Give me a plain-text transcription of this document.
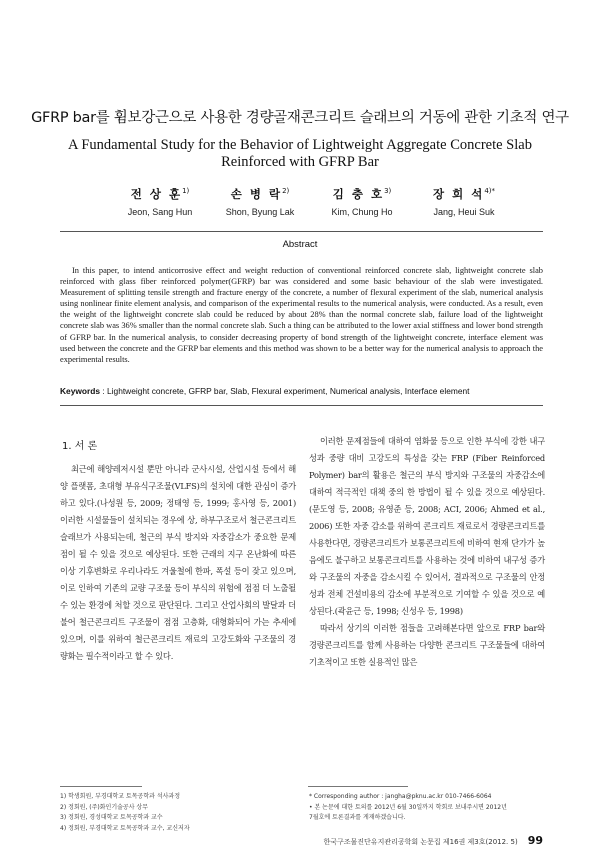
GFRP bar를 휨보강근으로 사용한 경량골재콘크리트 슬래브의 거동에 관한 기초적 연구
A Fundamental Study for the Behavior of Lightweight Aggregate Concrete Slab
Reinforced with GFRP Bar
전 상 훈$^{1)}$
Jeon, Sang Hun
손 병 락$^{2)}$
Shon, Byung Lak
김 충 호$^{3)}$
Kim, Chung Ho
장 희 석$^{4)*}$
Jang, Heui Suk
Abstract
In this paper, to intend anticorrosive effect and weight reduction of conventional reinforced concrete slab, lightweight concrete slab reinforced with glass fiber reinforced polymer(GFRP) bar was considered and some basic behaviour of the slab were investigated. Measurement of splitting tensile strength and fracture energy of the concrete, a number of flexural experiment of the slab, numerical analysis using nonlinear finite element analysis, and comparison of the experimental results to the numerical analysis, were conducted. As a result, even the weight of the lightweight concrete slab could be reduced by about 28% than the normal concrete slab, failure load of the lightweight concrete slab was 36% smaller than the normal concrete slab. Such a thing can be attributed to the lower axial stiffness and lower bond strength of GFRP bar. In the numerical analysis, to consider decreasing property of bond strength of the lightweight concrete, interface element was used between the concrete and the GFRP bar elements and this method was shown to be a better way for the numerical analysis to approach the experimental results.
Keywords : Lightweight concrete, GFRP bar, Slab, Flexural experiment, Numerical analysis, Interface element
1. 서 론

최근에 해양레저시설 뿐만 아니라 군사시설, 산업시설 등에서 해양 플랫폼, 초대형 부유식구조물(VLFS)의 설치에 대한 관심이 증가하고 있다.(나성원 등, 2009; 정태영 등, 1999; 홍사영 등, 2001) 이러한 시설물들이 설치되는 경우에 상, 하부구조로서 철근콘크리트 슬래브가 사용되는데, 철근의 부식 방지와 자중감소가 중요한 문제점이 될 수 있을 것으로 예상된다. 또한 근래의 지구 온난화에 따른 이상 기후변화로 우리나라도 겨울철에 한파, 폭설 등이 잦고 있으며, 이로 인하여 기존의 교량 구조물 등이 부식의 위험에 점점 더 노출될 수 있는 환경에 처할 것으로 판단된다. 그리고 산업사회의 발달과 더불어 철근콘크리트 구조물이 점점 고층화, 대형화되어 가는 추세에 있으며, 이를 위하여 철근콘크리트 재료의 고강도화와 구조물의 경량화는 필수적이라고 할 수 있다.

이러한 문제점들에 대하여 염화물 등으로 인한 부식에 강한 내구성과 중량 대비 고강도의 특성을 갖는 FRP (Fiber Reinforced Polymer) bar의 활용은 철근의 부식 방지와 구조물의 자중감소에 대하여 적극적인 대책 중의 한 방법이 될 수 있을 것으로 예상된다.(문도영 등, 2008; 유영준 등, 2008; ACI, 2006; Ahmed et al., 2006) 또한 자중 감소를 위하여 콘크리트 재료로서 경량콘크리트를 사용한다면, 경량콘크리트가 보통콘크리트에 비하여 현재 단가가 높음에도 불구하고 보통콘크리트를 사용하는 것에 비하여 내구성 증가와 구조물의 자중을 감소시킬 수 있어서, 결과적으로 구조물의 안정성과 전체 건설비용의 감소에 부분적으로 기여할 수 있을 것으로 예상된다.(곽윤근 등, 1998; 신성우 등, 1998)

따라서 상기의 이러한 점들을 고려해본다면 앞으로 FRP bar와 경량콘크리트를 함께 사용하는 다양한 콘크리트 구조물들에 대하여 기초적이고 또한 실용적인 많은

1) 학생회원, 부경대학교 토목공학과 석사과정
2) 정회원, (주)화인기술공사 상무
3) 정회원, 경성대학교 토목공학과 교수
4) 정회원, 부경대학교 토목공학과 교수, 교신저자
* Corresponding author : jangha@pknu.ac.kr 010-7466-6064
• 본 논문에 대한 토의를 2012년 6월 30일까지 학회로 보내주시면 2012년
7월호에 토론결과를 게재하겠습니다.
한국구조물진단유지관리공학회 논문집 제16권 제3호(2012. 5) 99
